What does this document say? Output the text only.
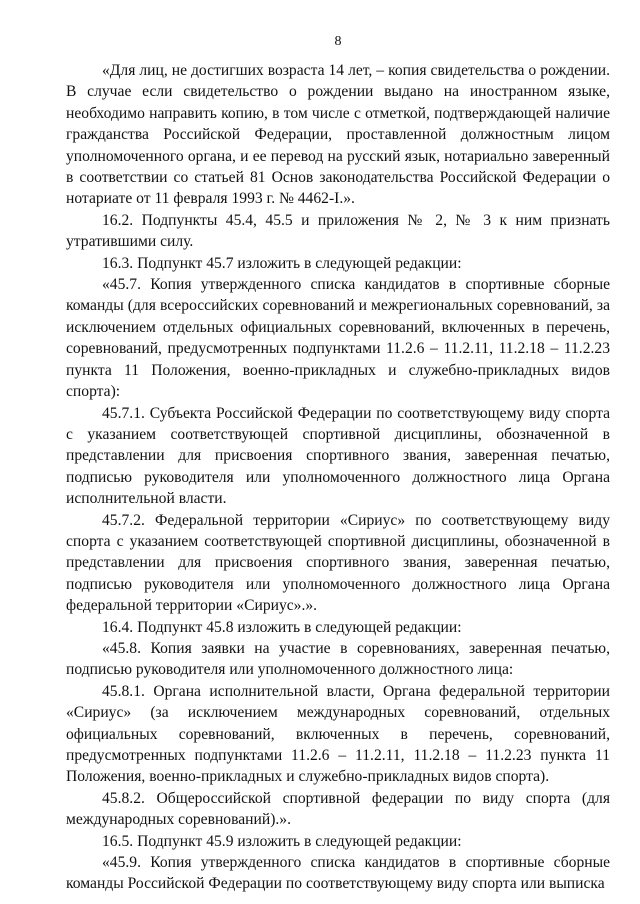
8

«Для лиц, не достигших возраста 14 лет, – копия свидетельства о рождении. В случае если свидетельство о рождении выдано на иностранном языке, необходимо направить копию, в том числе с отметкой, подтверждающей наличие гражданства Российской Федерации, проставленной должностным лицом уполномоченного органа, и ее перевод на русский язык, нотариально заверенный в соответствии со статьей 81 Основ законодательства Российской Федерации о нотариате от 11 февраля 1993 г. № 4462-I.».

16.2. Подпункты 45.4, 45.5 и приложения № 2, № 3 к ним признать утратившими силу.

16.3. Подпункт 45.7 изложить в следующей редакции:

«45.7. Копия утвержденного списка кандидатов в спортивные сборные команды (для всероссийских соревнований и межрегиональных соревнований, за исключением отдельных официальных соревнований, включенных в перечень, соревнований, предусмотренных подпунктами 11.2.6 – 11.2.11, 11.2.18 – 11.2.23 пункта 11 Положения, военно-прикладных и служебно-прикладных видов спорта):

45.7.1. Субъекта Российской Федерации по соответствующему виду спорта с указанием соответствующей спортивной дисциплины, обозначенной в представлении для присвоения спортивного звания, заверенная печатью, подписью руководителя или уполномоченного должностного лица Органа исполнительной власти.

45.7.2. Федеральной территории «Сириус» по соответствующему виду спорта с указанием соответствующей спортивной дисциплины, обозначенной в представлении для присвоения спортивного звания, заверенная печатью, подписью руководителя или уполномоченного должностного лица Органа федеральной территории «Сириус».».

16.4. Подпункт 45.8 изложить в следующей редакции:

«45.8. Копия заявки на участие в соревнованиях, заверенная печатью, подписью руководителя или уполномоченного должностного лица:

45.8.1. Органа исполнительной власти, Органа федеральной территории «Сириус» (за исключением международных соревнований, отдельных официальных соревнований, включенных в перечень, соревнований, предусмотренных подпунктами 11.2.6 – 11.2.11, 11.2.18 – 11.2.23 пункта 11 Положения, военно-прикладных и служебно-прикладных видов спорта).

45.8.2. Общероссийской спортивной федерации по виду спорта (для международных соревнований).».

16.5. Подпункт 45.9 изложить в следующей редакции:

«45.9. Копия утвержденного списка кандидатов в спортивные сборные команды Российской Федерации по соответствующему виду спорта или выписка
